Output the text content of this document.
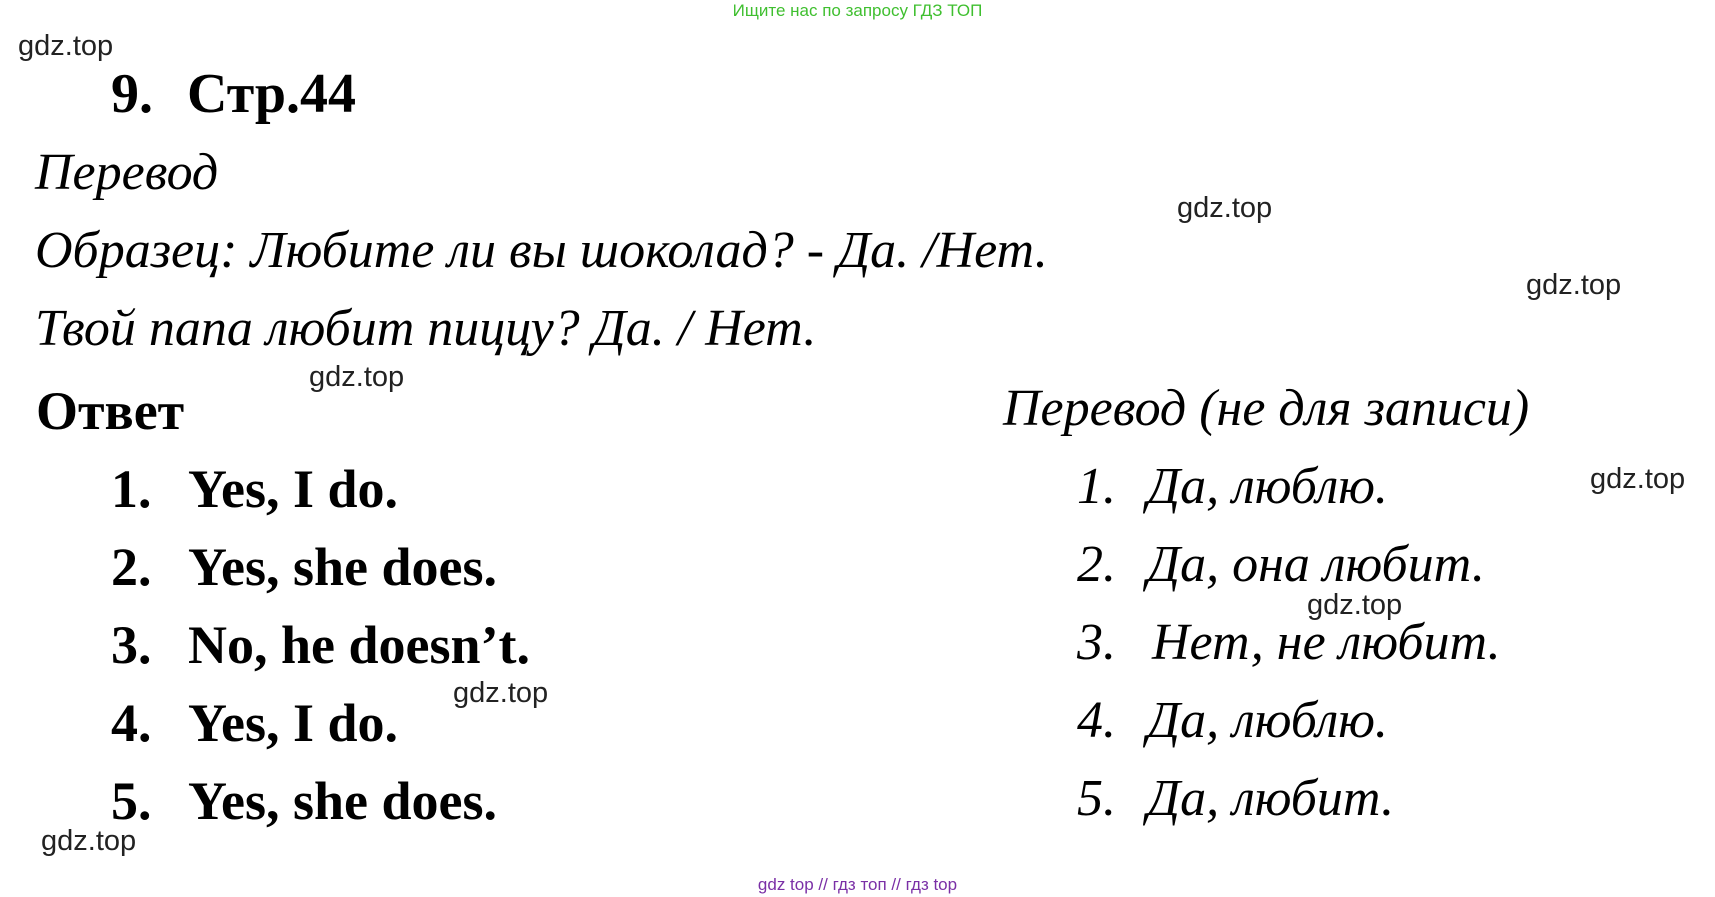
Ищите нас по запросу ГДЗ ТОП
gdz.top
gdz.top
gdz.top
gdz.top
gdz.top
gdz.top
gdz.top
gdz.top
9. Стр.44
Перевод
Образец: Любите ли вы шоколад? - Да. /Нет.
Твой папа любит пиццу? Да. / Нет.
Ответ	Перевод (не для записи)
1. Yes, I do.
2. Yes, she does.
3. No, he doesn’t.
4. Yes, I do.
5. Yes, she does.
1. Да, люблю.
2. Да, она любит.
3. Нет, не любит.
4. Да, люблю.
5. Да, любит.
gdz top // гдз топ // гдз top
